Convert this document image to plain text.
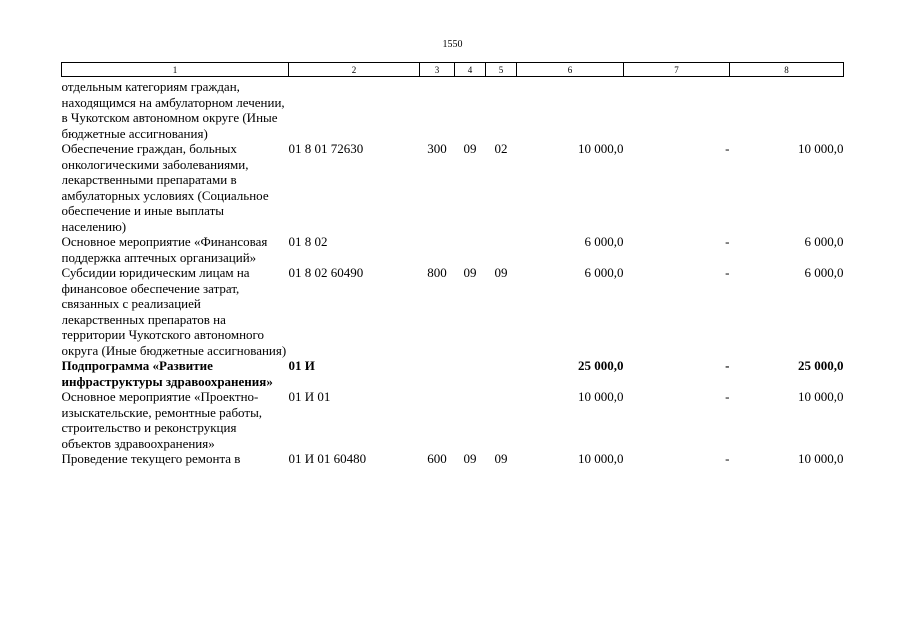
1550
1	2	3	4	5	6	7	8
отдельным категориям граждан, находящимся на амбулаторном лечении, в Чукотском автономном округе (Иные бюджетные ассигнования)							
Обеспечение граждан, больных онкологическими заболеваниями, лекарственными препаратами в амбулаторных условиях (Социальное обеспечение и иные выплаты населению)	01 8 01 72630	300	09	02	10 000,0	-	10 000,0
Основное мероприятие «Финансовая поддержка аптечных организаций»	01 8 02				6 000,0	-	6 000,0
Субсидии юридическим лицам на финансовое обеспечение затрат, связанных с реализацией лекарственных препаратов на территории Чукотского автономного округа (Иные бюджетные ассигнования)	01 8 02 60490	800	09	09	6 000,0	-	6 000,0
Подпрограмма «Развитие инфраструктуры здравоохранения»	01 И				25 000,0	-	25 000,0
Основное мероприятие «Проектно-изыскательские, ремонтные работы, строительство и реконструкция объектов здравоохранения»	01 И 01				10 000,0	-	10 000,0
Проведение текущего ремонта в	01 И 01 60480	600	09	09	10 000,0	-	10 000,0
